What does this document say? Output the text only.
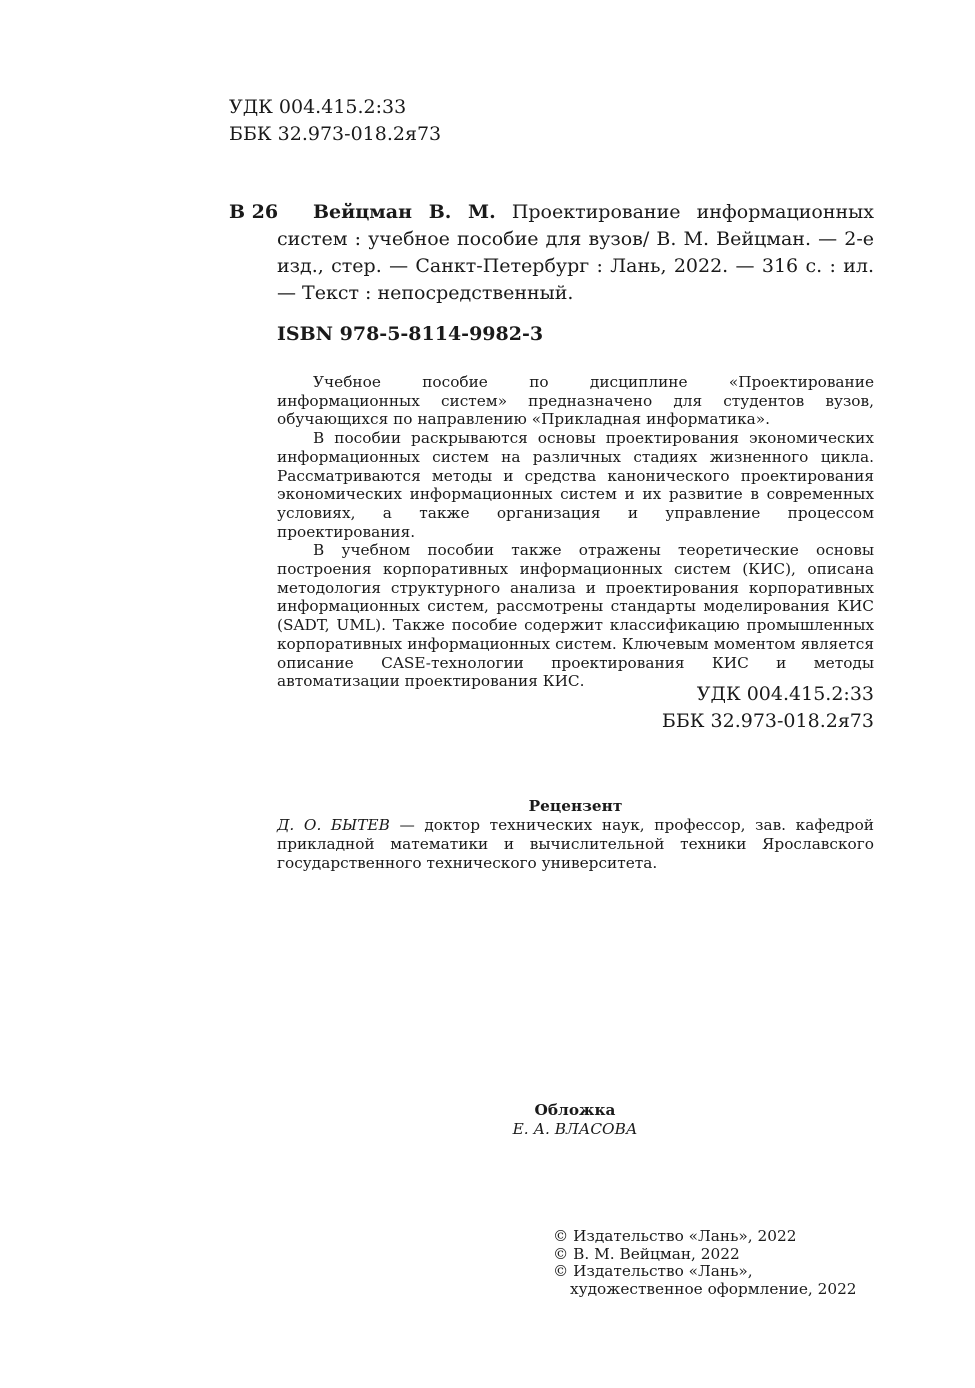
УДК 004.415.2:33
ББК 32.973-018.2я73
В 26	Вейцман В. М. Проектирование информационных систем : учебное пособие для вузов/ В. М. Вейцман. — 2-е изд., стер. — Санкт-Петербург : Лань, 2022. — 316 с. : ил. — Текст : непосредственный.
ISBN 978-5-8114-9982-3

Учебное пособие по дисциплине «Проектирование информационных систем» предназначено для студентов вузов, обучающихся по направлению «Прикладная информатика».

В пособии раскрываются основы проектирования экономических информационных систем на различных стадиях жизненного цикла. Рассматриваются методы и средства канонического проектирования экономических информационных систем и их развитие в современных условиях, а также организация и управление процессом проектирования.

В учебном пособии также отражены теоретические основы построения корпоративных информационных систем (КИС), описана методология структурного анализа и проектирования корпоративных информационных систем, рассмотрены стандарты моделирования КИС (SADT, UML). Также пособие содержит классификацию промышленных корпоративных информационных систем. Ключевым моментом является описание CASE-технологии проектирования КИС и методы автоматизации проектирования КИС.

УДК 004.415.2:33
ББК 32.973-018.2я73
Рецензент
Д. О. БЫТЕВ — доктор технических наук, профессор, зав. кафедрой прикладной математики и вычислительной техники Ярославского государственного технического университета.
Обложка
Е. А. ВЛАСОВА
© Издательство «Лань», 2022
© В. М. Вейцман, 2022
© Издательство «Лань»,
художественное оформление, 2022
